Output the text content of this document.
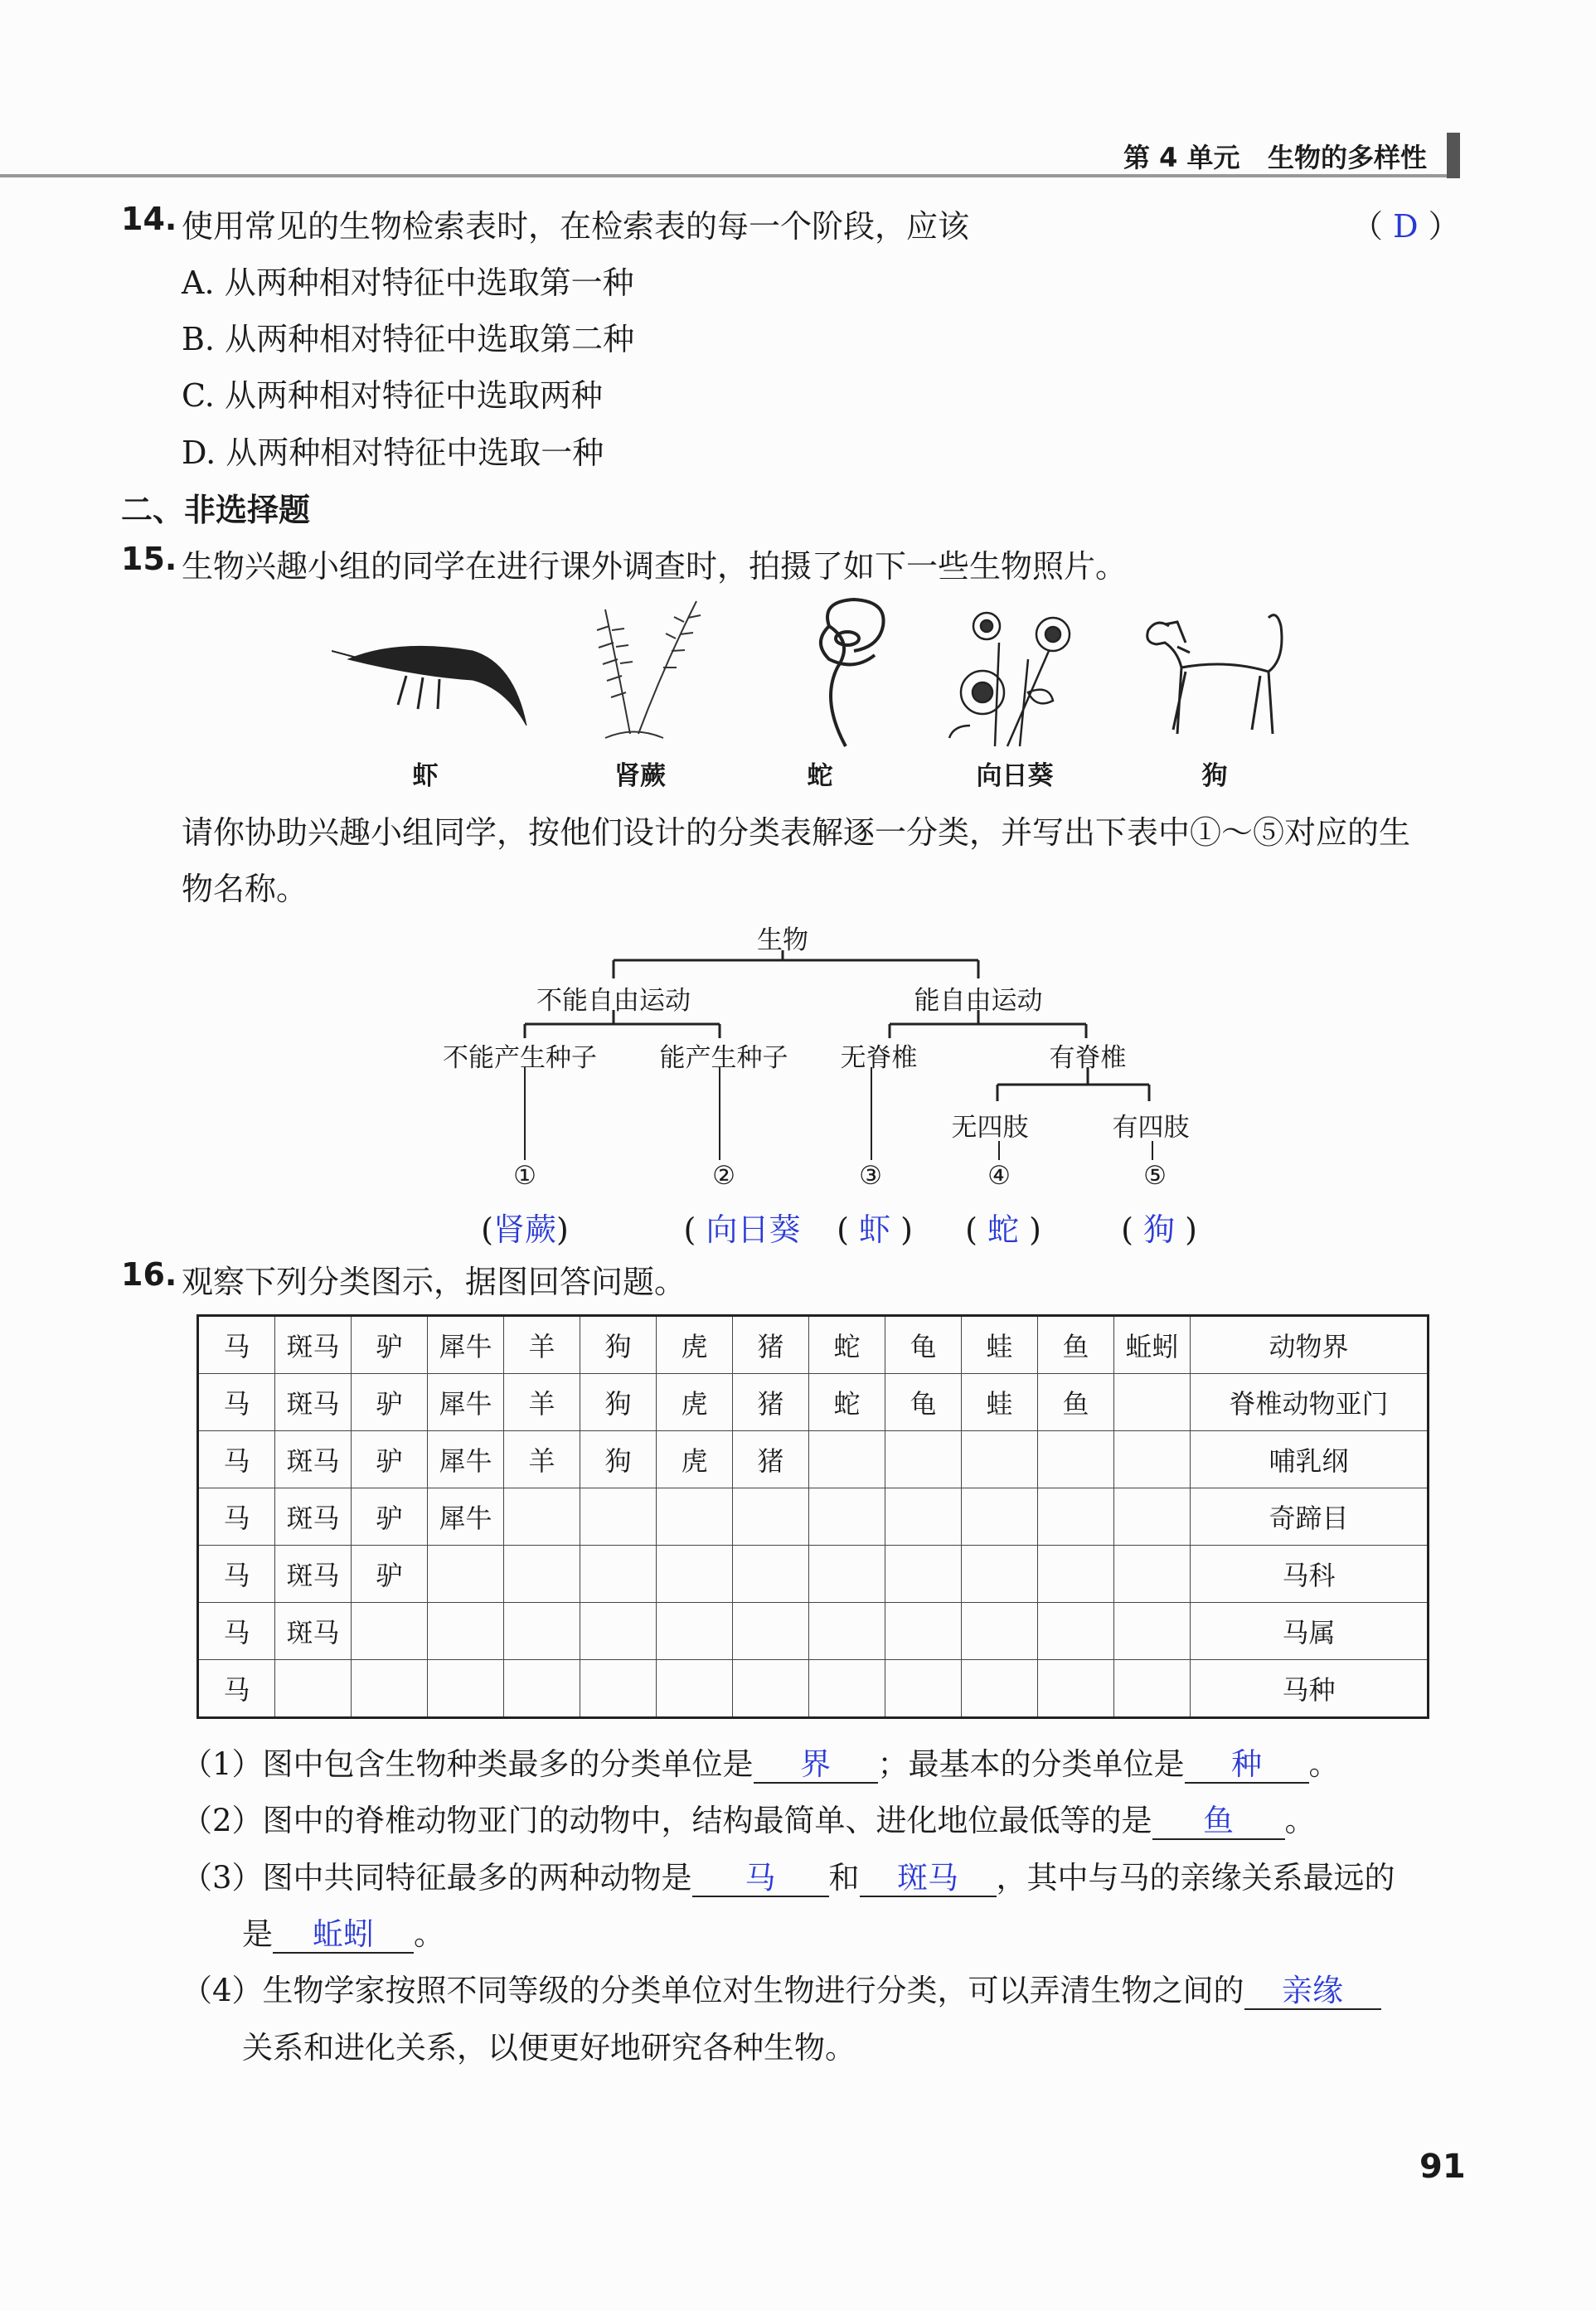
第 4 单元 生物的多样性
14. 使用常见的生物检索表时，在检索表的每一个阶段，应该	（ D ）
A. 从两种相对特征中选取第一种
B. 从两种相对特征中选取第二种
C. 从两种相对特征中选取两种
D. 从两种相对特征中选取一种
二、非选择题
15. 生物兴趣小组的同学在进行课外调查时，拍摄了如下一些生物照片。
虾	肾蕨	蛇	向日葵	狗
请你协助兴趣小组同学，按他们设计的分类表解逐一分类，并写出下表中①～⑤对应的生
物名称。
生物
不能自由运动	能自由运动
不能产生种子 能产生种子 无脊椎	有脊椎
无四肢	有四肢
①	②	③	④	⑤
(肾蕨)	( 向日葵 ( 虾 ) ( 蛇 )	( 狗 )
16. 观察下列分类图示，据图回答问题。
马	斑马	驴	犀牛	羊	狗	虎	猪	蛇	龟	蛙	鱼	蚯蚓	动物界
马	斑马	驴	犀牛	羊	狗	虎	猪	蛇	龟	蛙	鱼		脊椎动物亚门
马	斑马	驴	犀牛	羊	狗	虎	猪						哺乳纲
马	斑马	驴	犀牛										奇蹄目
马	斑马	驴											马科
马	斑马												马属
马													马种
（1）图中包含生物种类最多的分类单位是 界 ；最基本的分类单位是 种 。
（2）图中的脊椎动物亚门的动物中，结构最简单、进化地位最低等的是 鱼 。
（3）图中共同特征最多的两种动物是 马 和 斑马 ，其中与马的亲缘关系最远的
是 蚯蚓 。
（4）生物学家按照不同等级的分类单位对生物进行分类，可以弄清生物之间的 亲缘
关系和进化关系，以便更好地研究各种生物。
91
